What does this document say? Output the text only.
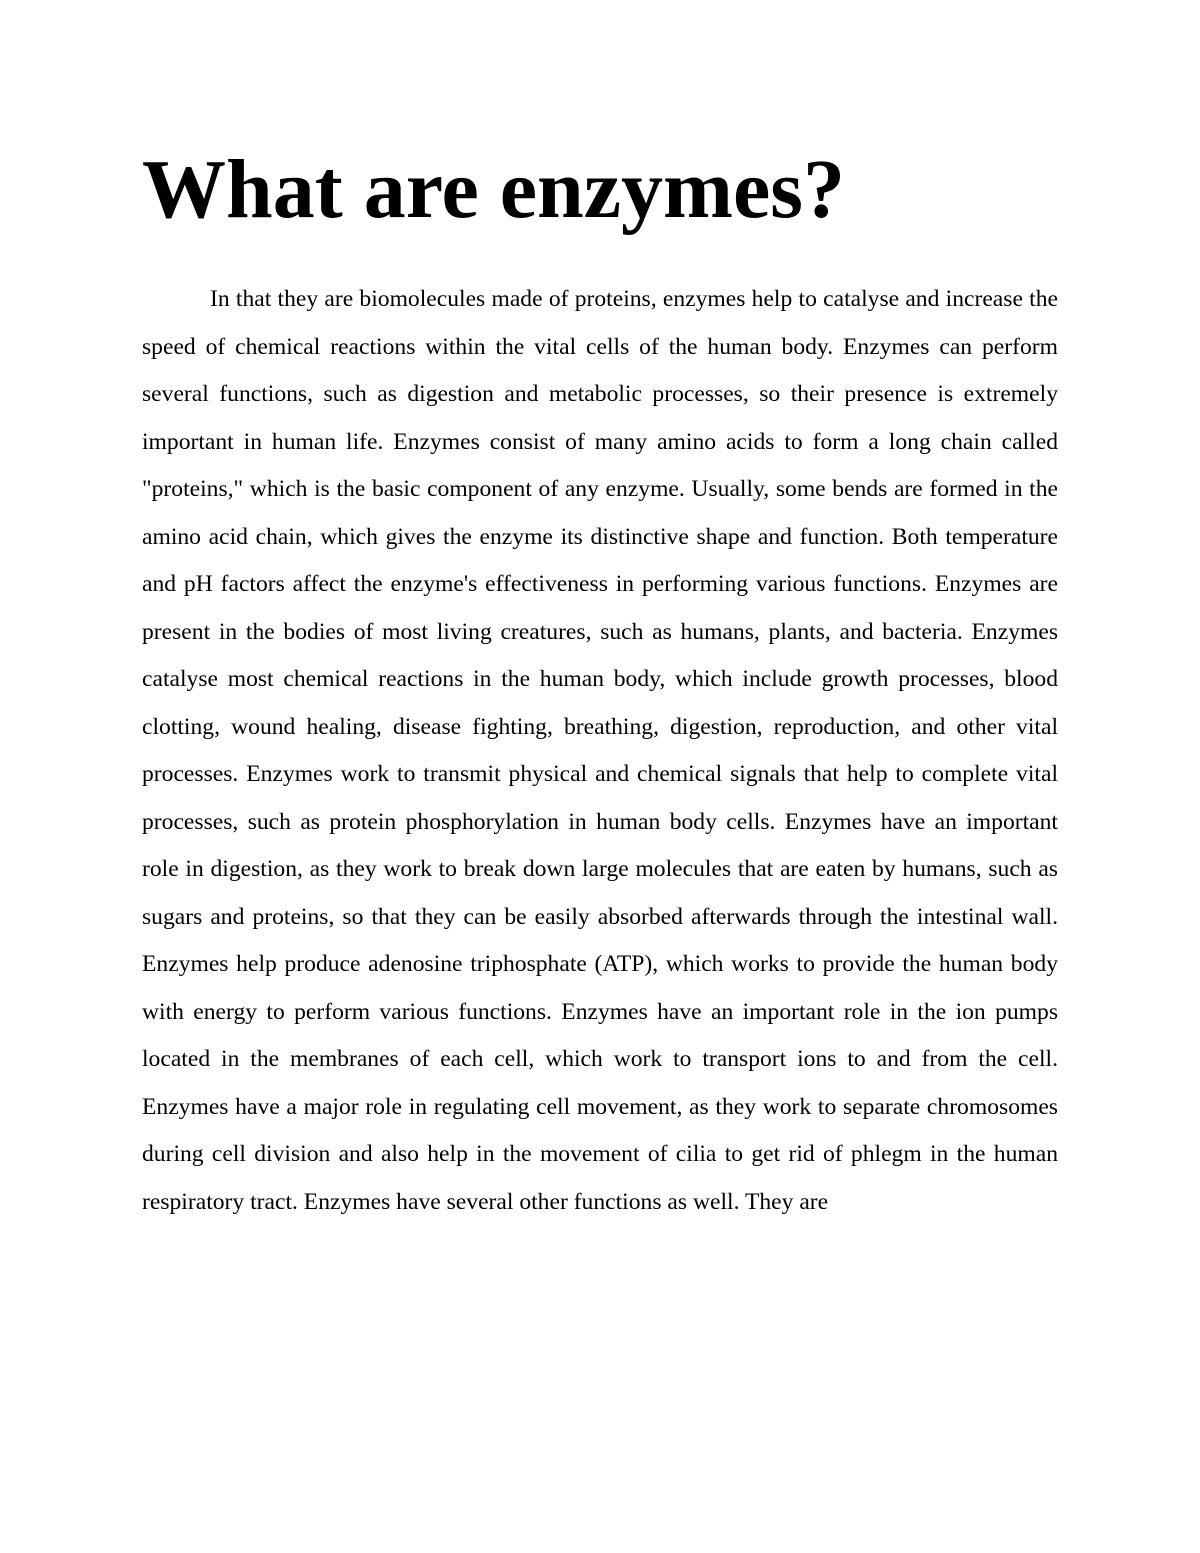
What are enzymes?

In that they are biomolecules made of proteins, enzymes help to catalyse and increase the speed of chemical reactions within the vital cells of the human body. Enzymes can perform several functions, such as digestion and metabolic processes, so their presence is extremely important in human life. Enzymes consist of many amino acids to form a long chain called "proteins," which is the basic component of any enzyme. Usually, some bends are formed in the amino acid chain, which gives the enzyme its distinctive shape and function. Both temperature and pH factors affect the enzyme's effectiveness in performing various functions. Enzymes are present in the bodies of most living creatures, such as humans, plants, and bacteria. Enzymes catalyse most chemical reactions in the human body, which include growth processes, blood clotting, wound healing, disease fighting, breathing, digestion, reproduction, and other vital processes. Enzymes work to transmit physical and chemical signals that help to complete vital processes, such as protein phosphorylation in human body cells. Enzymes have an important role in digestion, as they work to break down large molecules that are eaten by humans, such as sugars and proteins, so that they can be easily absorbed afterwards through the intestinal wall. Enzymes help produce adenosine triphosphate (ATP), which works to provide the human body with energy to perform various functions. Enzymes have an important role in the ion pumps located in the membranes of each cell, which work to transport ions to and from the cell. Enzymes have a major role in regulating cell movement, as they work to separate chromosomes during cell division and also help in the movement of cilia to get rid of phlegm in the human respiratory tract. Enzymes have several other functions as well. They are
